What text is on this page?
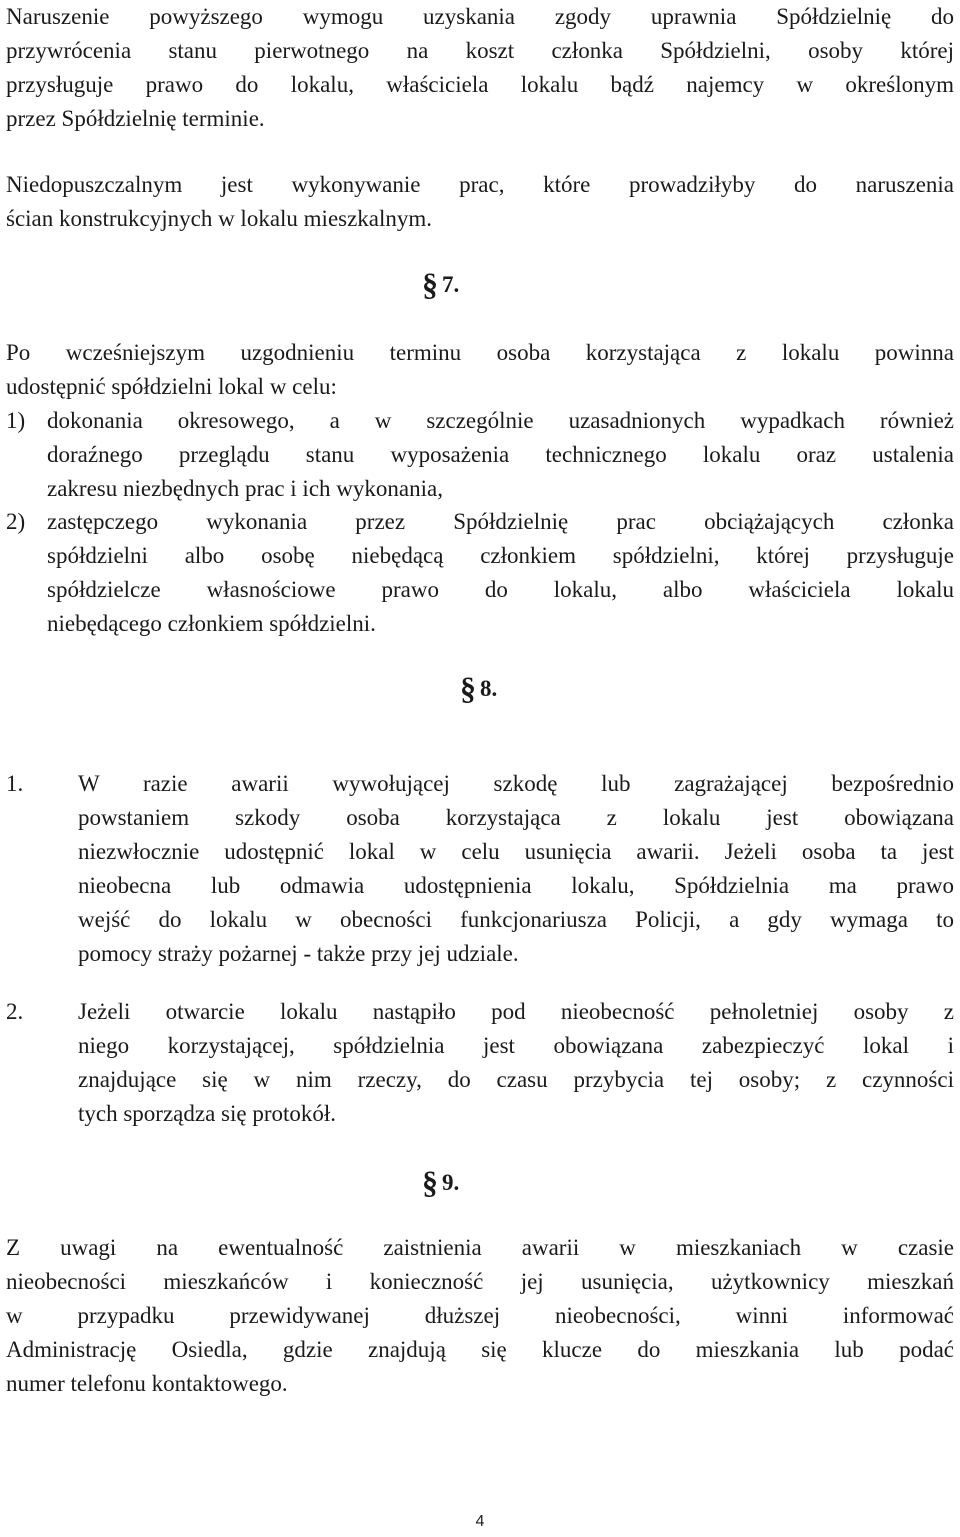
Naruszenie powyższego wymogu uzyskania zgody uprawnia Spółdzielnię do
przywrócenia stanu pierwotnego na koszt członka Spółdzielni, osoby której
przysługuje prawo do lokalu, właściciela lokalu bądź najemcy w określonym
przez Spółdzielnię terminie.
Niedopuszczalnym jest wykonywanie prac, które prowadziłyby do naruszenia
ścian konstrukcyjnych w lokalu mieszkalnym.
§ 7.
Po wcześniejszym uzgodnieniu terminu osoba korzystająca z lokalu powinna
udostępnić spółdzielni lokal w celu:
1) dokonania okresowego, a w szczególnie uzasadnionych wypadkach również
doraźnego przeglądu stanu wyposażenia technicznego lokalu oraz ustalenia
zakresu niezbędnych prac i ich wykonania,
2) zastępczego wykonania przez Spółdzielnię prac obciążających członka
spółdzielni albo osobę niebędącą członkiem spółdzielni, której przysługuje
spółdzielcze własnościowe prawo do lokalu, albo właściciela lokalu
niebędącego członkiem spółdzielni.
§ 8.
1. W razie awarii wywołującej szkodę lub zagrażającej bezpośrednio
powstaniem szkody osoba korzystająca z lokalu jest obowiązana
niezwłocznie udostępnić lokal w celu usunięcia awarii. Jeżeli osoba ta jest
nieobecna lub odmawia udostępnienia lokalu, Spółdzielnia ma prawo
wejść do lokalu w obecności funkcjonariusza Policji, a gdy wymaga to
pomocy straży pożarnej - także przy jej udziale.
2. Jeżeli otwarcie lokalu nastąpiło pod nieobecność pełnoletniej osoby z
niego korzystającej, spółdzielnia jest obowiązana zabezpieczyć lokal i
znajdujące się w nim rzeczy, do czasu przybycia tej osoby; z czynności
tych sporządza się protokół.
§ 9.
Z uwagi na ewentualność zaistnienia awarii w mieszkaniach w czasie
nieobecności mieszkańców i konieczność jej usunięcia, użytkownicy mieszkań
w przypadku przewidywanej dłuższej nieobecności, winni informować
Administrację Osiedla, gdzie znajdują się klucze do mieszkania lub podać
numer telefonu kontaktowego.
4
